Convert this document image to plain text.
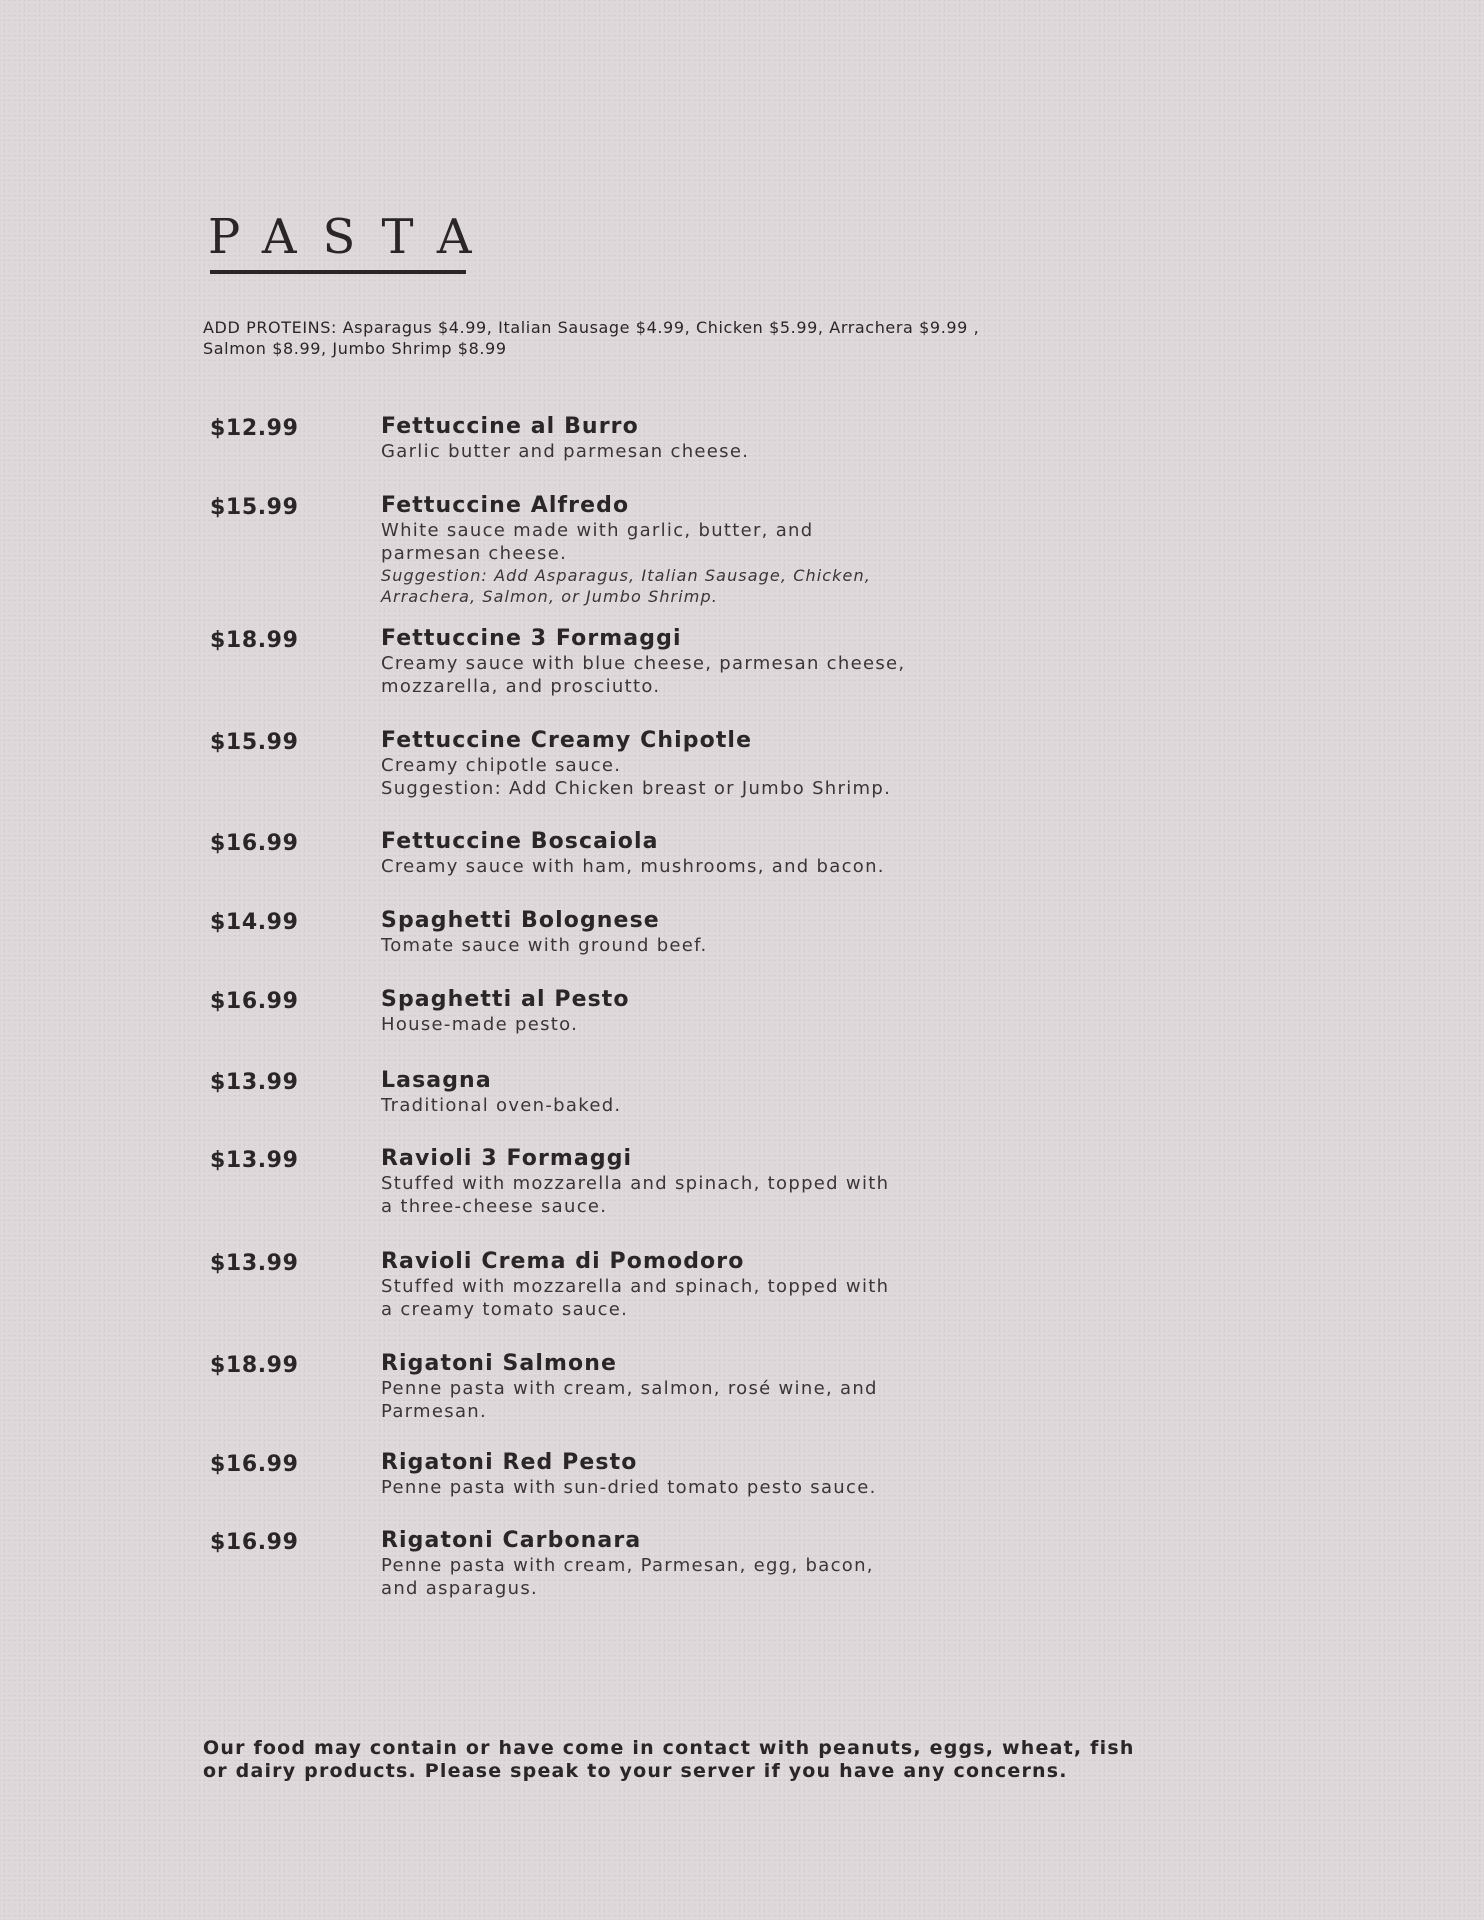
PASTA

ADD PROTEINS: Asparagus $4.99, Italian Sausage $4.99, Chicken $5.99, Arrachera $9.99 , Salmon $8.99, Jumbo Shrimp $8.99

$12.99	Fettuccine al Burro
Garlic butter and parmesan cheese.
$15.99	Fettuccine Alfredo
White sauce made with garlic, butter, and
parmesan cheese.
Suggestion: Add Asparagus, Italian Sausage, Chicken,
Arrachera, Salmon, or Jumbo Shrimp.
$18.99	Fettuccine 3 Formaggi
Creamy sauce with blue cheese, parmesan cheese,
mozzarella, and prosciutto.
$15.99	Fettuccine Creamy Chipotle
Creamy chipotle sauce.
Suggestion: Add Chicken breast or Jumbo Shrimp.
$16.99	Fettuccine Boscaiola
Creamy sauce with ham, mushrooms, and bacon.
$14.99	Spaghetti Bolognese
Tomate sauce with ground beef.
$16.99	Spaghetti al Pesto
House-made pesto.
$13.99	Lasagna
Traditional oven-baked.
$13.99	Ravioli 3 Formaggi
Stuffed with mozzarella and spinach, topped with
a three-cheese sauce.
$13.99	Ravioli Crema di Pomodoro
Stuffed with mozzarella and spinach, topped with
a creamy tomato sauce.
$18.99	Rigatoni Salmone
Penne pasta with cream, salmon, rosé wine, and
Parmesan.
$16.99	Rigatoni Red Pesto
Penne pasta with sun-dried tomato pesto sauce.
$16.99	Rigatoni Carbonara
Penne pasta with cream, Parmesan, egg, bacon,
and asparagus.

Our food may contain or have come in contact with peanuts, eggs, wheat, fish
or dairy products. Please speak to your server if you have any concerns.
